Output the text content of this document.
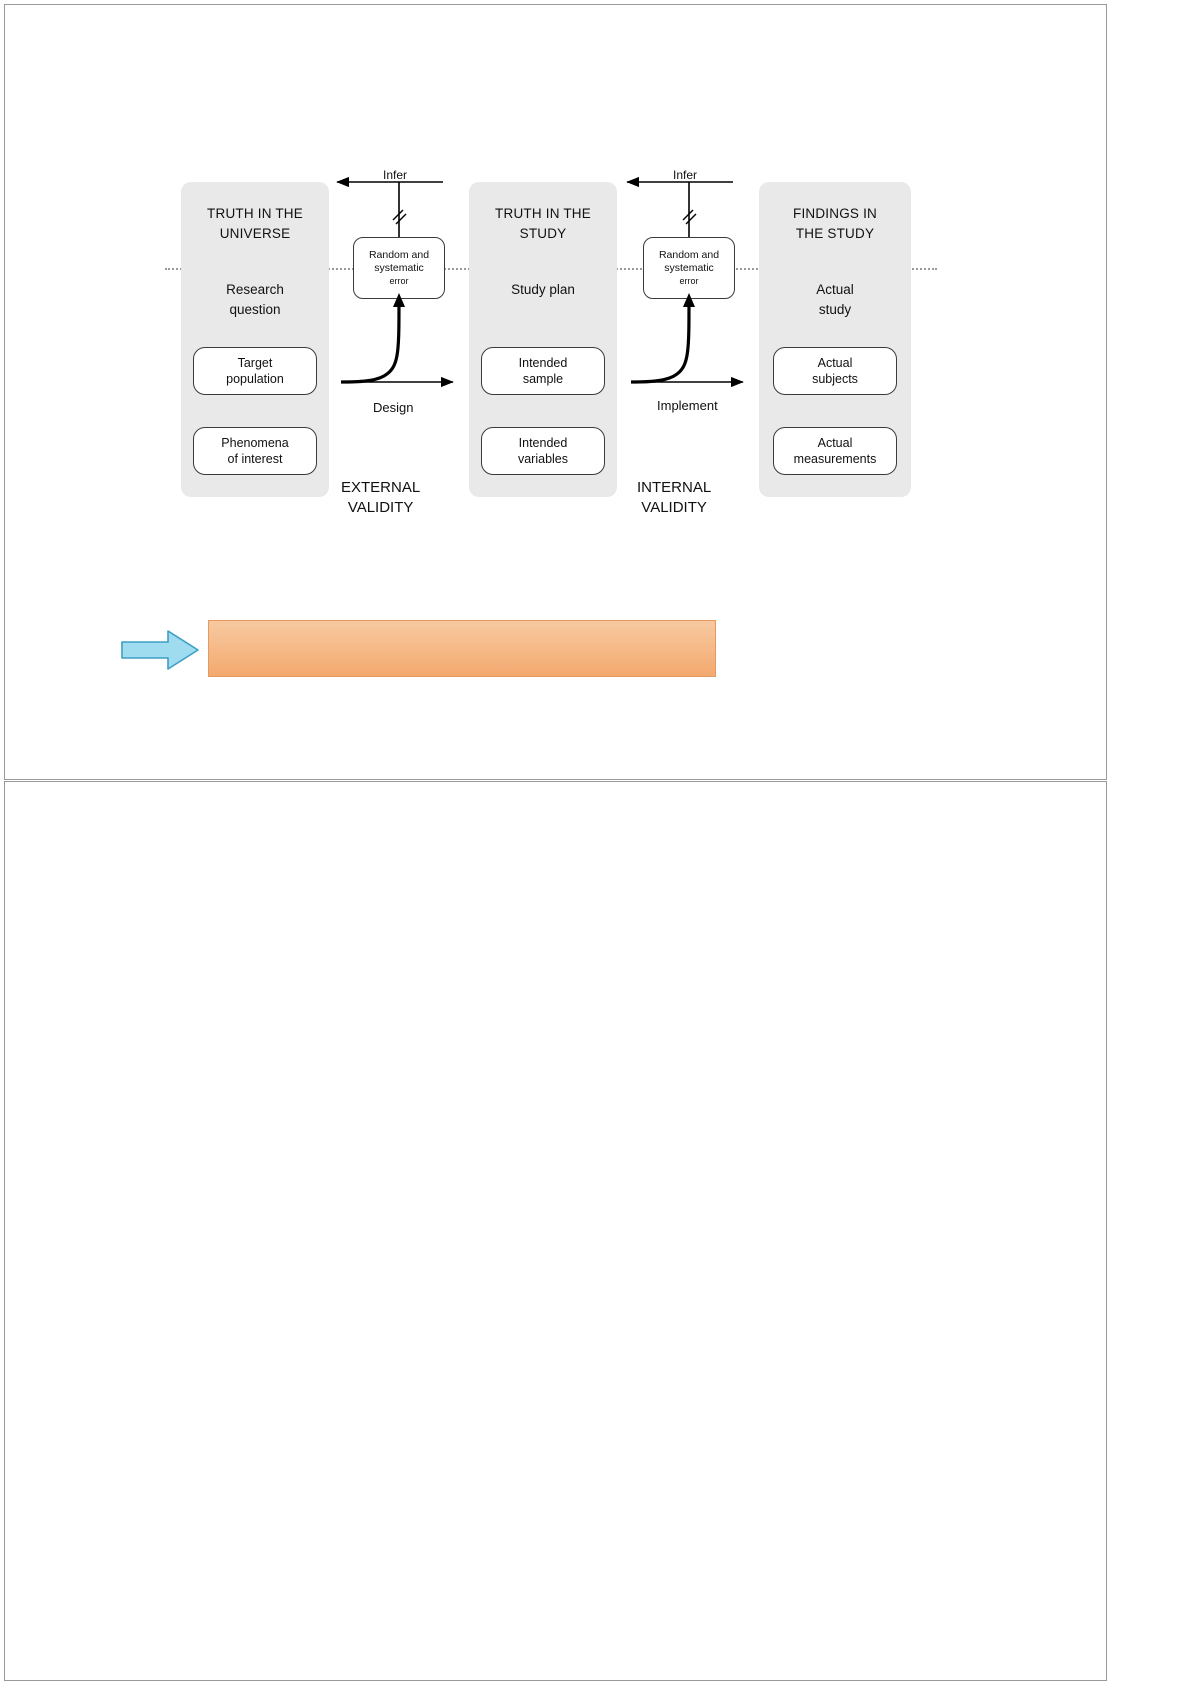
TRUTH IN THE
UNIVERSE
Research
question
Target
population
Phenomena
of interest
TRUTH IN THE
STUDY
Study plan
Intended
sample
Intended
variables
FINDINGS IN
THE STUDY
Actual
study
Actual
subjects
Actual
measurements
Random and
systematic
error
Random and
systematic
error
Infer	Infer
Design	Implement
EXTERNAL
VALIDITY
INTERNAL
VALIDITY
